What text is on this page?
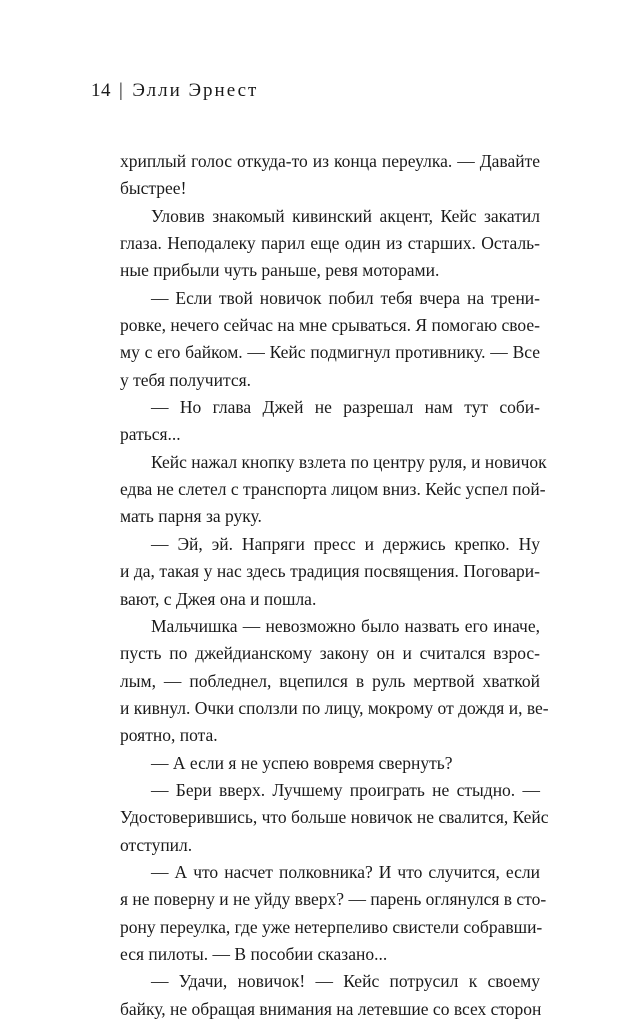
14 | Элли Эрнест
хриплый голос откуда-то из конца переулка. — Давайте
быстрее!
Уловив знакомый кивинский акцент, Кейс закатил
глаза. Неподалеку парил еще один из старших. Осталь-
ные прибыли чуть раньше, ревя моторами.
— Если твой новичок побил тебя вчера на трени-
ровке, нечего сейчас на мне срываться. Я помогаю свое-
му с его байком. — Кейс подмигнул противнику. — Все
у тебя получится.
— Но глава Джей не разрешал нам тут соби-
раться...
Кейс нажал кнопку взлета по центру руля, и новичок
едва не слетел с транспорта лицом вниз. Кейс успел пой-
мать парня за руку.
— Эй, эй. Напряги пресс и держись крепко. Ну
и да, такая у нас здесь традиция посвящения. Поговари-
вают, с Джея она и пошла.
Мальчишка — невозможно было назвать его иначе,
пусть по джейдианскому закону он и считался взрос-
лым, — побледнел, вцепился в руль мертвой хваткой
и кивнул. Очки сползли по лицу, мокрому от дождя и, ве-
роятно, пота.
— А если я не успею вовремя свернуть?
— Бери вверх. Лучшему проиграть не стыдно. —
Удостоверившись, что больше новичок не свалится, Кейс
отступил.
— А что насчет полковника? И что случится, если
я не поверну и не уйду вверх? — парень оглянулся в сто-
рону переулка, где уже нетерпеливо свистели собравши-
еся пилоты. — В пособии сказано...
— Удачи, новичок! — Кейс потрусил к своему
байку, не обращая внимания на летевшие со всех сторон
